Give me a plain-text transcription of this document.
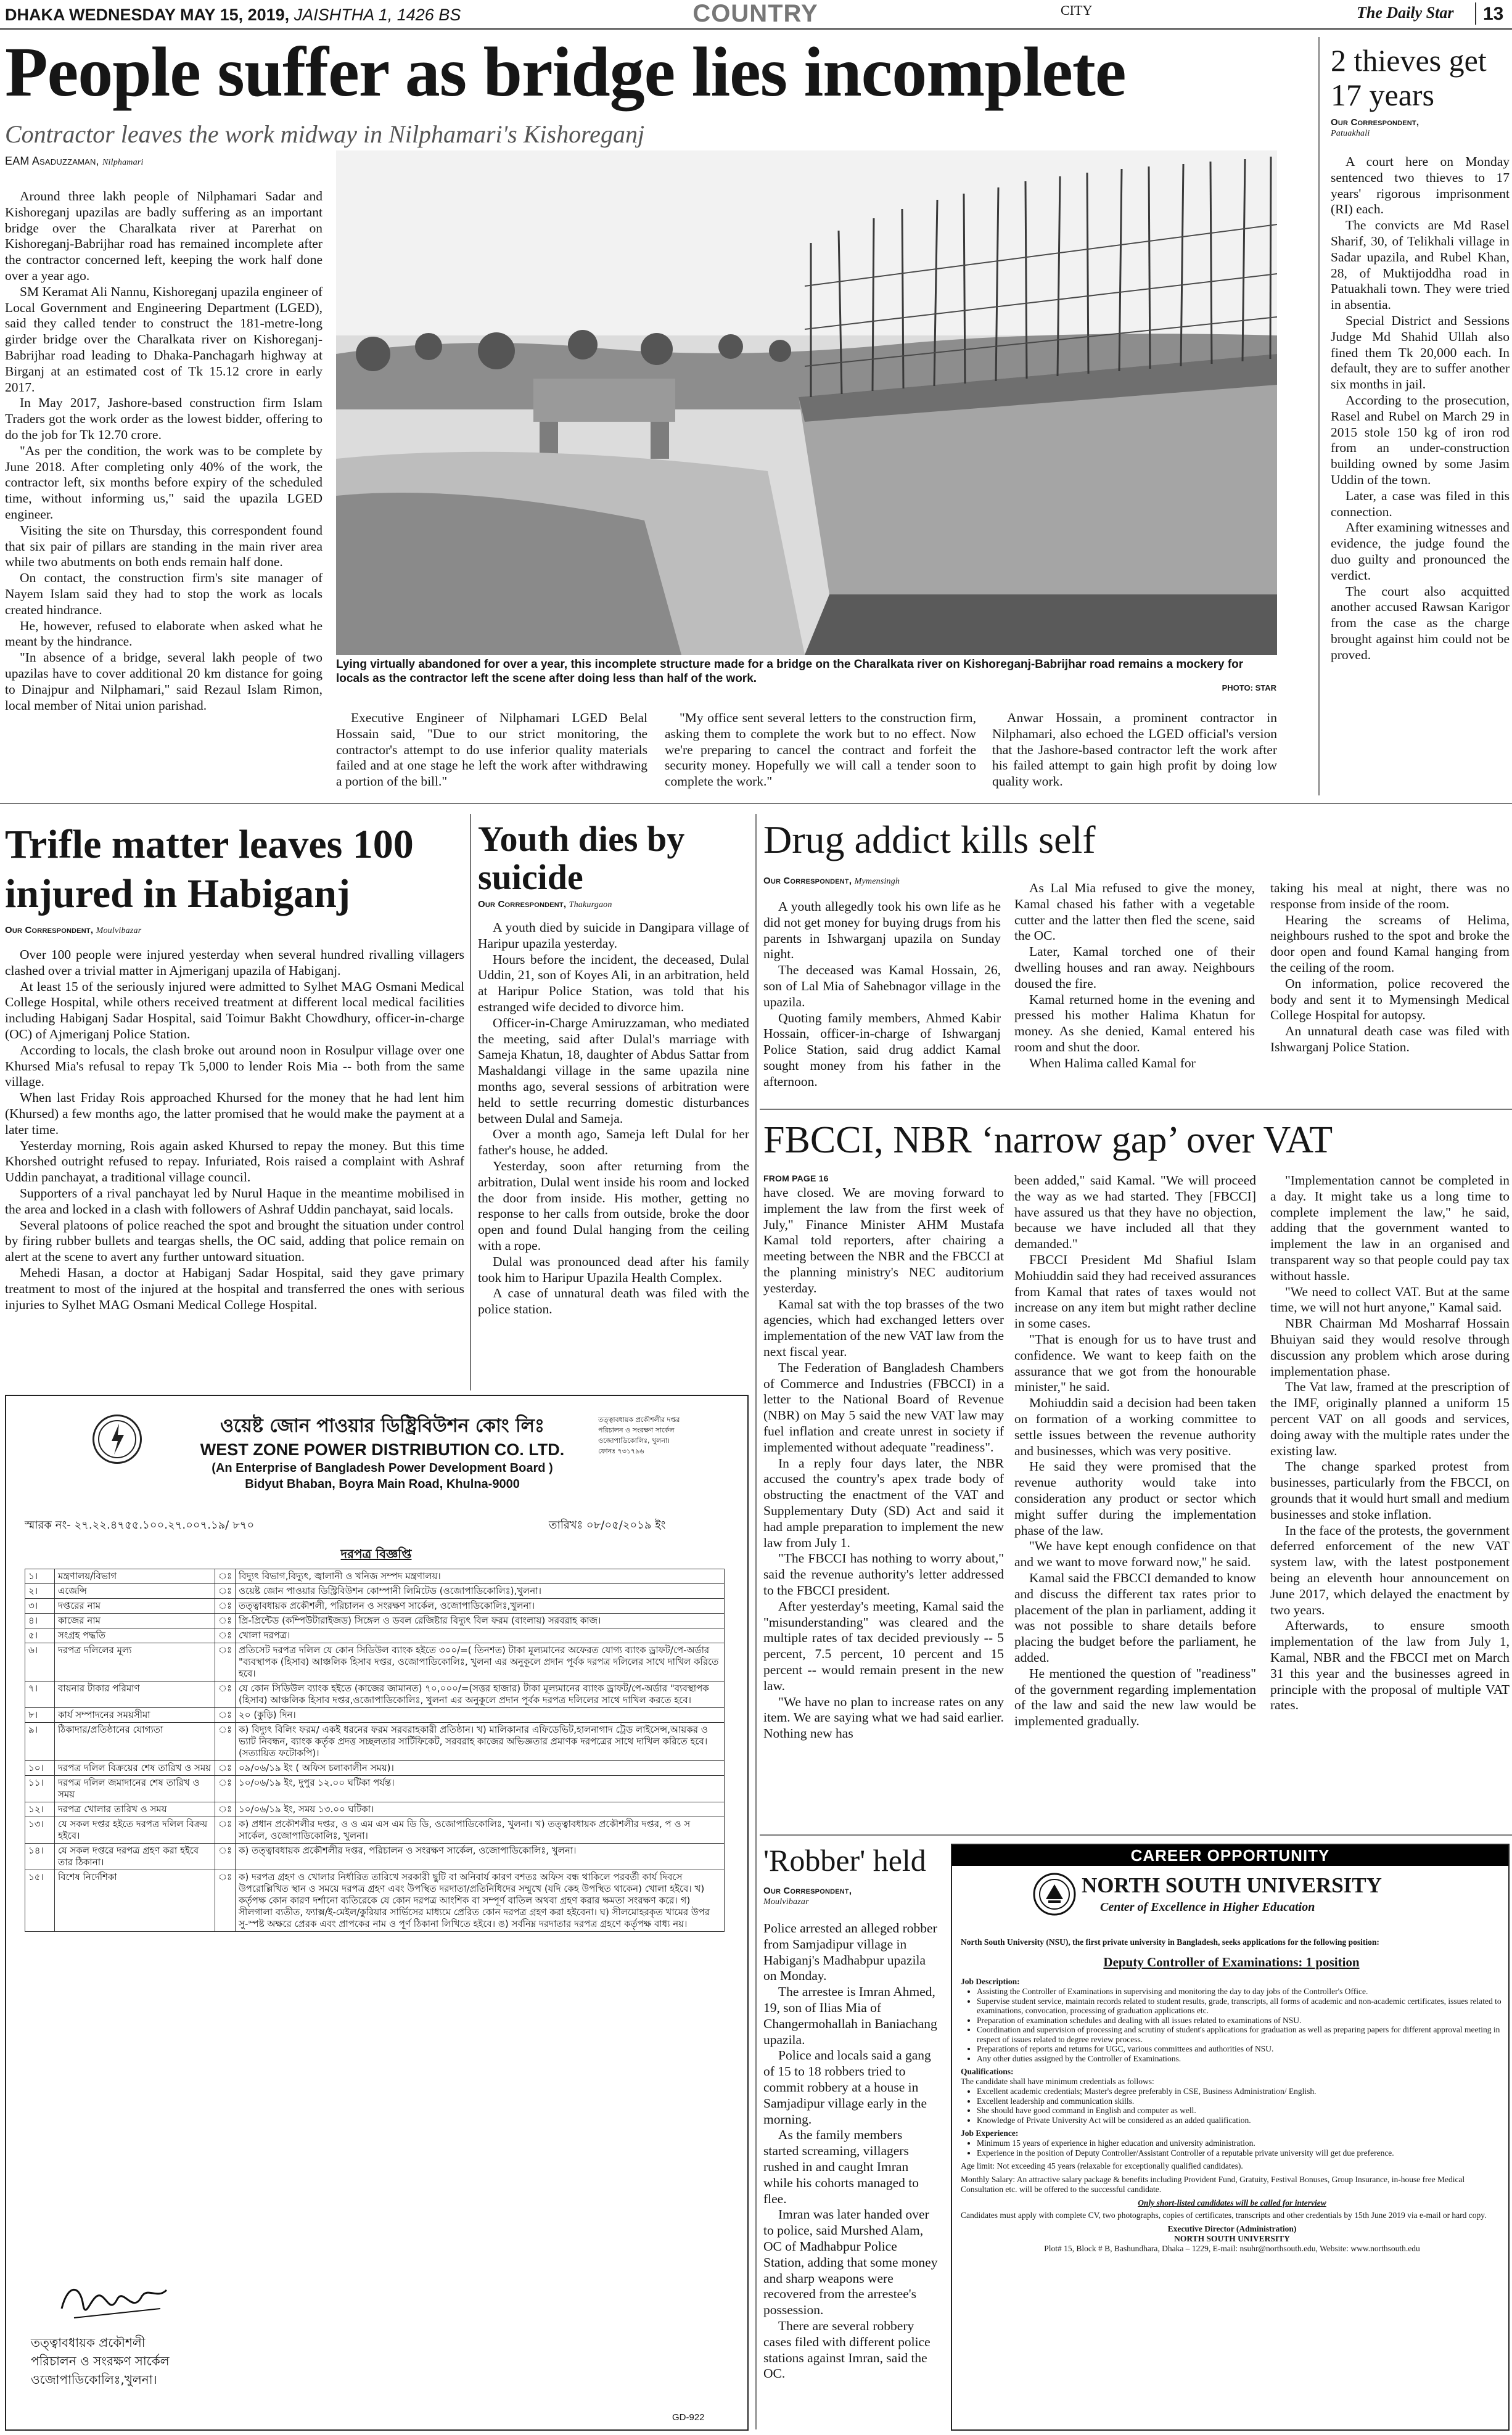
DHAKA WEDNESDAY MAY 15, 2019, JAISHTHA 1, 1426 BS	COUNTRY	CITY	The Daily Star 13
People suffer as bridge lies incomplete
Contractor leaves the work midway in Nilphamari's Kishoreganj
EAM Asaduzzaman, Nilphamari

Around three lakh people of Nilphamari Sadar and Kishoreganj upazilas are badly suffering as an important bridge over the Charalkata river at Parerhat on Kishoreganj-Babrijhar road has remained incomplete after the contractor concerned left, keeping the work half done over a year ago.

SM Keramat Ali Nannu, Kishoreganj upazila engineer of Local Government and Engineering Department (LGED), said they called tender to construct the 181-metre-long girder bridge over the Charalkata river on Kishoreganj-Babrijhar road leading to Dhaka-Panchagarh highway at Birganj at an estimated cost of Tk 15.12 crore in early 2017.

In May 2017, Jashore-based construction firm Islam Traders got the work order as the lowest bidder, offering to do the job for Tk 12.70 crore.

"As per the condition, the work was to be complete by June 2018. After completing only 40% of the work, the contractor left, six months before expiry of the scheduled time, without informing us," said the upazila LGED engineer.

Visiting the site on Thursday, this correspondent found that six pair of pillars are standing in the main river area while two abutments on both ends remain half done.

On contact, the construction firm's site manager of Nayem Islam said they had to stop the work as locals created hindrance.

He, however, refused to elaborate when asked what he meant by the hindrance.

"In absence of a bridge, several lakh people of two upazilas have to cover additional 20 km distance for going to Dinajpur and Nilphamari," said Rezaul Islam Rimon, local member of Nitai union parishad.

Lying virtually abandoned for over a year, this incomplete structure made for a bridge on the Charalkata river on Kishoreganj-Babrijhar road remains a mockery for locals as the contractor left the scene after doing less than half of the work.
PHOTO: STAR

Executive Engineer of Nilphamari LGED Belal Hossain said, "Due to our strict monitoring, the contractor's attempt to do use inferior quality materials failed and at one stage he left the work after withdrawing a portion of the bill."

"My office sent several letters to the construction firm, asking them to complete the work but to no effect. Now we're preparing to cancel the contract and forfeit the security money. Hopefully we will call a tender soon to complete the work."

Anwar Hossain, a prominent contractor in Nilphamari, also echoed the LGED official's version that the Jashore-based contractor left the work after his failed attempt to gain high profit by doing low quality work.

2 thieves get 17 years
Our Correspondent,
Patuakhali

A court here on Monday sentenced two thieves to 17 years' rigorous imprisonment (RI) each.

The convicts are Md Rasel Sharif, 30, of Telikhali village in Sadar upazila, and Rubel Khan, 28, of Muktijoddha road in Patuakhali town. They were tried in absentia.

Special District and Sessions Judge Md Shahid Ullah also fined them Tk 20,000 each. In default, they are to suffer another six months in jail.

According to the prosecution, Rasel and Rubel on March 29 in 2015 stole 150 kg of iron rod from an under-construction building owned by some Jasim Uddin of the town.

Later, a case was filed in this connection.

After examining witnesses and evidence, the judge found the duo guilty and pronounced the verdict.

The court also acquitted another accused Rawsan Karigor from the case as the charge brought against him could not be proved.

Trifle matter leaves 100 injured in Habiganj
Our Correspondent, Moulvibazar

Over 100 people were injured yesterday when several hundred rivalling villagers clashed over a trivial matter in Ajmeriganj upazila of Habiganj.

At least 15 of the seriously injured were admitted to Sylhet MAG Osmani Medical College Hospital, while others received treatment at different local medical facilities including Habiganj Sadar Hospital, said Toimur Bakht Chowdhury, officer-in-charge (OC) of Ajmeriganj Police Station.

According to locals, the clash broke out around noon in Rosulpur village over one Khursed Mia's refusal to repay Tk 5,000 to lender Rois Mia -- both from the same village.

When last Friday Rois approached Khursed for the money that he had lent him (Khursed) a few months ago, the latter promised that he would make the payment at a later time.

Yesterday morning, Rois again asked Khursed to repay the money. But this time Khorshed outright refused to repay. Infuriated, Rois raised a complaint with Ashraf Uddin panchayat, a traditional village council.

Supporters of a rival panchayat led by Nurul Haque in the meantime mobilised in the area and locked in a clash with followers of Ashraf Uddin panchayat, said locals.

Several platoons of police reached the spot and brought the situation under control by firing rubber bullets and teargas shells, the OC said, adding that police remain on alert at the scene to avert any further untoward situation.

Mehedi Hasan, a doctor at Habiganj Sadar Hospital, said they gave primary treatment to most of the injured at the hospital and transferred the ones with serious injuries to Sylhet MAG Osmani Medical College Hospital.

Youth dies by suicide
Our Correspondent, Thakurgaon

A youth died by suicide in Dangipara village of Haripur upazila yesterday.

Hours before the incident, the deceased, Dulal Uddin, 21, son of Koyes Ali, in an arbitration, held at Haripur Police Station, was told that his estranged wife decided to divorce him.

Officer-in-Charge Amiruzzaman, who mediated the meeting, said after Dulal's marriage with Sameja Khatun, 18, daughter of Abdus Sattar from Mashaldangi village in the same upazila nine months ago, several sessions of arbitration were held to settle recurring domestic disturbances between Dulal and Sameja.

Over a month ago, Sameja left Dulal for her father's house, he added.

Yesterday, soon after returning from the arbitration, Dulal went inside his room and locked the door from inside. His mother, getting no response to her calls from outside, broke the door open and found Dulal hanging from the ceiling with a rope.

Dulal was pronounced dead after his family took him to Haripur Upazila Health Complex.

A case of unnatural death was filed with the police station.

Drug addict kills self
Our Correspondent, Mymensingh

A youth allegedly took his own life as he did not get money for buying drugs from his parents in Ishwarganj upazila on Sunday night.

The deceased was Kamal Hossain, 26, son of Lal Mia of Sahebnagor village in the upazila.

Quoting family members, Ahmed Kabir Hossain, officer-in-charge of Ishwarganj Police Station, said drug addict Kamal sought money from his father in the afternoon.

As Lal Mia refused to give the money, Kamal chased his father with a vegetable cutter and the latter then fled the scene, said the OC.

Later, Kamal torched one of their dwelling houses and ran away. Neighbours doused the fire.

Kamal returned home in the evening and pressed his mother Halima Khatun for money. As she denied, Kamal entered his room and shut the door.

When Halima called Kamal for

taking his meal at night, there was no response from inside of the room.

Hearing the screams of Helima, neighbours rushed to the spot and broke the door open and found Kamal hanging from the ceiling of the room.

On information, police recovered the body and sent it to Mymensingh Medical College Hospital for autopsy.

An unnatural death case was filed with Ishwarganj Police Station.

FBCCI, NBR ‘narrow gap’ over VAT
FROM PAGE 16

have closed. We are moving forward to implement the law from the first week of July," Finance Minister AHM Mustafa Kamal told reporters, after chairing a meeting between the NBR and the FBCCI at the planning ministry's NEC auditorium yesterday.

Kamal sat with the top brasses of the two agencies, which had exchanged letters over implementation of the new VAT law from the next fiscal year.

The Federation of Bangladesh Chambers of Commerce and Industries (FBCCI) in a letter to the National Board of Revenue (NBR) on May 5 said the new VAT law may fuel inflation and create unrest in society if implemented without adequate "readiness".

In a reply four days later, the NBR accused the country's apex trade body of obstructing the enactment of the VAT and Supplementary Duty (SD) Act and said it had ample preparation to implement the new law from July 1.

"The FBCCI has nothing to worry about," said the revenue authority's letter addressed to the FBCCI president.

After yesterday's meeting, Kamal said the "misunderstanding" was cleared and the multiple rates of tax decided previously -- 5 percent, 7.5 percent, 10 percent and 15 percent -- would remain present in the new law.

"We have no plan to increase rates on any item. We are saying what we had said earlier. Nothing new has

been added," said Kamal. "We will proceed the way as we had started. They [FBCCI] have assured us that they have no objection, because we have included all that they demanded."

FBCCI President Md Shafiul Islam Mohiuddin said they had received assurances from Kamal that rates of taxes would not increase on any item but might rather decline in some cases.

"That is enough for us to have trust and confidence. We want to keep faith on the assurance that we got from the honourable minister," he said.

Mohiuddin said a decision had been taken on formation of a working committee to settle issues between the revenue authority and businesses, which was very positive.

He said they were promised that the revenue authority would take into consideration any product or sector which might suffer during the implementation phase of the law.

"We have kept enough confidence on that and we want to move forward now," he said.

Kamal said the FBCCI demanded to know and discuss the different tax rates prior to placement of the plan in parliament, adding it was not possible to share details before placing the budget before the parliament, he added.

He mentioned the question of "readiness" of the government regarding implementation of the law and said the new law would be implemented gradually.

"Implementation cannot be completed in a day. It might take us a long time to complete implement the law," he said, adding that the government wanted to implement the law in an organised and transparent way so that people could pay tax without hassle.

"We need to collect VAT. But at the same time, we will not hurt anyone," Kamal said.

NBR Chairman Md Mosharraf Hossain Bhuiyan said they would resolve through discussion any problem which arose during implementation phase.

The Vat law, framed at the prescription of the IMF, originally planned a uniform 15 percent VAT on all goods and services, doing away with the multiple rates under the existing law.

The change sparked protest from businesses, particularly from the FBCCI, on grounds that it would hurt small and medium businesses and stoke inflation.

In the face of the protests, the government deferred enforcement of the new VAT system law, with the latest postponement being an eleventh hour announcement on June 2017, which delayed the enactment by two years.

Afterwards, to ensure smooth implementation of the law from July 1, Kamal, NBR and the FBCCI met on March 31 this year and the businesses agreed in principle with the proposal of multiple VAT rates.

'Robber' held
Our Correspondent,
Moulvibazar

Police arrested an alleged robber from Samjadipur village in Habiganj's Madhabpur upazila on Monday.

The arrestee is Imran Ahmed, 19, son of Ilias Mia of Changermohallah in Baniachang upazila.

Police and locals said a gang of 15 to 18 robbers tried to commit robbery at a house in Samjadipur village early in the morning.

As the family members started screaming, villagers rushed in and caught Imran while his cohorts managed to flee.

Imran was later handed over to police, said Murshed Alam, OC of Madhabpur Police Station, adding that some money and sharp weapons were recovered from the arrestee's possession.

There are several robbery cases filed with different police stations against Imran, said the OC.

ওয়েষ্ট জোন পাওয়ার ডিষ্ট্রিবিউশন কোং লিঃ
WEST ZONE POWER DISTRIBUTION CO. LTD.
(An Enterprise of Bangladesh Power Development Board )
Bidyut Bhaban, Boyra Main Road, Khulna-9000
তত্ত্বাবধায়ক প্রকৌশলীর দপ্তর
পরিচালন ও সংরক্ষণ সার্কেল
ওজোপাডিকোলিঃ, খুলনা।
ফোনঃ ৭৩১৭৯৬
স্মারক নং- ২৭.২২.৪৭৫৫.১০০.২৭.০০৭.১৯/ ৮৭০	তারিখঃ ০৮/০৫/২০১৯ ইং
দরপত্র বিজ্ঞপ্তি
১।	মন্ত্রণালয়/বিভাগ	ঃ	বিদ্যুৎ বিভাগ,বিদ্যুৎ, জ্বালানী ও খনিজ সম্পদ মন্ত্রণালয়।
২।	এজেন্সি	ঃ	ওয়েষ্ট জোন পাওয়ার ডিস্ট্রিবিউশন কোম্পানী লিমিটেড (ওজোপাডিকোলিঃ),খুলনা।
৩।	দপ্তরের নাম	ঃ	তত্ত্বাবধায়ক প্রকৌশলী, পরিচালন ও সংরক্ষণ সার্কেল, ওজোপাডিকোলিঃ,খুলনা।
৪।	কাজের নাম	ঃ	প্রি-প্রিন্টেড (কম্পিউটারাইজড) সিঙ্গেল ও ডবল রেজিষ্টার বিদ্যুৎ বিল ফরম (বাংলায়) সরবরাহ কাজ।
৫।	সংগ্রহ পদ্ধতি	ঃ	খোলা দরপত্র।
৬।	দরপত্র দলিলের মূল্য	ঃ	প্রতিসেট দরপত্র দলিল যে কোন সিডিউল ব্যাংক হইতে ৩০০/=( তিনশত) টাকা মূল্যমানের অফেরত যোগ্য ব্যাংক ড্রাফট/পে-অর্ডার "ব্যবস্থাপক (হিসাব) আঞ্চলিক হিসাব দপ্তর, ওজোপাডিকোলিঃ, খুলনা এর অনুকূলে প্রদান পূর্বক দরপত্র দলিলের সাথে দাখিল করিতে হবে।
৭।	বায়নার টাকার পরিমাণ	ঃ	যে কোন সিডিউল ব্যাংক হইতে (কাজের জামানত) ৭০,০০০/=(সত্তর হাজার) টাকা মূল্যমানের ব্যাংক ড্রাফট/পে-অর্ডার "ব্যবস্থাপক (হিসাব) আঞ্চলিক হিসাব দপ্তর,ওজোপাডিকোলিঃ, খুলনা এর অনুকূলে প্রদান পূর্বক দরপত্র দলিলের সাথে দাখিল করতে হবে।
৮।	কার্য সম্পাদনের সময়সীমা	ঃ	২০ (কুড়ি) দিন।
৯।	ঠিকাদার/প্রতিষ্ঠানের যোগ্যতা	ঃ	ক) বিদ্যুৎ বিলিং ফরম/ একই ধরনের ফরম সরবরাহকারী প্রতিষ্ঠান। খ) মালিকানার এফিডেভিট,হালনাগাদ ট্রেড লাইসেন্স,আয়কর ও ভ্যাট নিবন্ধন, ব্যাংক কর্তৃক প্রদত্ত সচ্ছলতার সার্টিফিকেট, সরবরাহ কাজের অভিজ্ঞতার প্রমাণক দরপত্রের সাথে দাখিল করিতে হবে। (সত্যায়িত ফটোকপি)।
১০।	দরপত্র দলিল বিক্রয়ের শেষ তারিখ ও সময়	ঃ	০৯/০৬/১৯ ইং ( অফিস চলাকালীন সময়)।
১১।	দরপত্র দলিল জমাদানের শেষ তারিখ ও সময়	ঃ	১০/০৬/১৯ ইং, দুপুর ১২.০০ ঘটিকা পর্যন্ত।
১২।	দরপত্র খোলার তারিখ ও সময়	ঃ	১০/০৬/১৯ ইং, সময় ১৩.০০ ঘটিকা।
১৩।	যে সকল দপ্তর হইতে দরপত্র দলিল বিক্রয় হইবে।	ঃ	ক) প্রধান প্রকৌশলীর দপ্তর, ও ও এম এস এম ডি ডি, ওজোপাডিকোলিঃ, খুলনা। খ) তত্ত্বাবধায়ক প্রকৌশলীর দপ্তর, প ও স সার্কেল, ওজোপাডিকোলিঃ, খুলনা।
১৪।	যে সকল দপ্তরে দরপত্র গ্রহণ করা হইবে তার ঠিকানা।	ঃ	ক) তত্ত্বাবধায়ক প্রকৌশলীর দপ্তর, পরিচালন ও সংরক্ষণ সার্কেল, ওজোপাডিকোলিঃ, খুলনা।
১৫।	বিশেষ নির্দেশিকা	ঃ	ক) দরপত্র গ্রহণ ও খোলার নির্ধারিত তারিখে সরকারী ছুটি বা অনিবার্য কারণ বশতঃ অফিস বন্ধ থাকিলে পরবর্তী কার্য দিবসে উপরোল্লিখিত স্থান ও সময়ে দরপত্র গ্রহণ এবং উপস্থিত দরদাতা/প্রতিনিধিদের সম্মুখে (যদি কেহ উপস্থিত থাকেন) খোলা হইবে। খ) কর্তৃপক্ষ কোন কারণ দর্শানো ব্যতিরেকে যে কোন দরপত্র আংশিক বা সম্পূর্ণ বাতিল অথবা গ্রহণ করার ক্ষমতা সংরক্ষণ করে। গ) সীলগালা ব্যতীত, ফ্যাক্স/ই-মেইল/কুরিয়ার সার্ভিসের মাধ্যমে প্রেরিত কোন দরপত্র গ্রহণ করা হইবেনা। ঘ) সীলমোহরকৃত খামের উপর সু-স্পষ্ট অক্ষরে প্রেরক এবং প্রাপকের নাম ও পূর্ণ ঠিকানা লিখিতে হইবে। ঙ) সর্বনিম্ন দরদাতার দরপত্র গ্রহণে কর্তৃপক্ষ বাধ্য নয়।
তত্ত্বাবধায়ক প্রকৌশলী
পরিচালন ও সংরক্ষণ সার্কেল
ওজোপাডিকোলিঃ,খুলনা।
GD-922
CAREER OPPORTUNITY
NORTH SOUTH UNIVERSITY
Center of Excellence in Higher Education
North South University (NSU), the first private university in Bangladesh, seeks applications for the following position:
Deputy Controller of Examinations: 1 position
Job Description:
• Assisting the Controller of Examinations in supervising and monitoring the day to day jobs of the Controller's Office.
• Supervise student service, maintain records related to student results, grade, transcripts, all forms of academic and non-academic certificates, issues related to examinations, convocation, processing of graduation applications etc.
• Preparation of examination schedules and dealing with all issues related to examinations of NSU.
• Coordination and supervision of processing and scrutiny of student's applications for graduation as well as preparing papers for different approval meeting in respect of issues related to degree review process.
• Preparations of reports and returns for UGC, various committees and authorities of NSU.
• Any other duties assigned by the Controller of Examinations.
Qualifications:
The candidate shall have minimum credentials as follows:
• Excellent academic credentials; Master's degree preferably in CSE, Business Administration/ English.
• Excellent leadership and communication skills.
• She should have good command in English and computer as well.
• Knowledge of Private University Act will be considered as an added qualification.
Job Experience:
• Minimum 15 years of experience in higher education and university administration.
• Experience in the position of Deputy Controller/Assistant Controller of a reputable private university will get due preference.
Age limit: Not exceeding 45 years (relaxable for exceptionally qualified candidates).
Monthly Salary: An attractive salary package & benefits including Provident Fund, Gratuity, Festival Bonuses, Group Insurance, in-house free Medical Consultation etc. will be offered to the successful candidate.
Only short-listed candidates will be called for interview
Candidates must apply with complete CV, two photographs, copies of certificates, transcripts and other credentials by 15th June 2019 via e-mail or hard copy.
Executive Director (Administration)
NORTH SOUTH UNIVERSITY
Plot# 15, Block # B, Bashundhara, Dhaka – 1229, E-mail: nsuhr@northsouth.edu, Website: www.northsouth.edu
